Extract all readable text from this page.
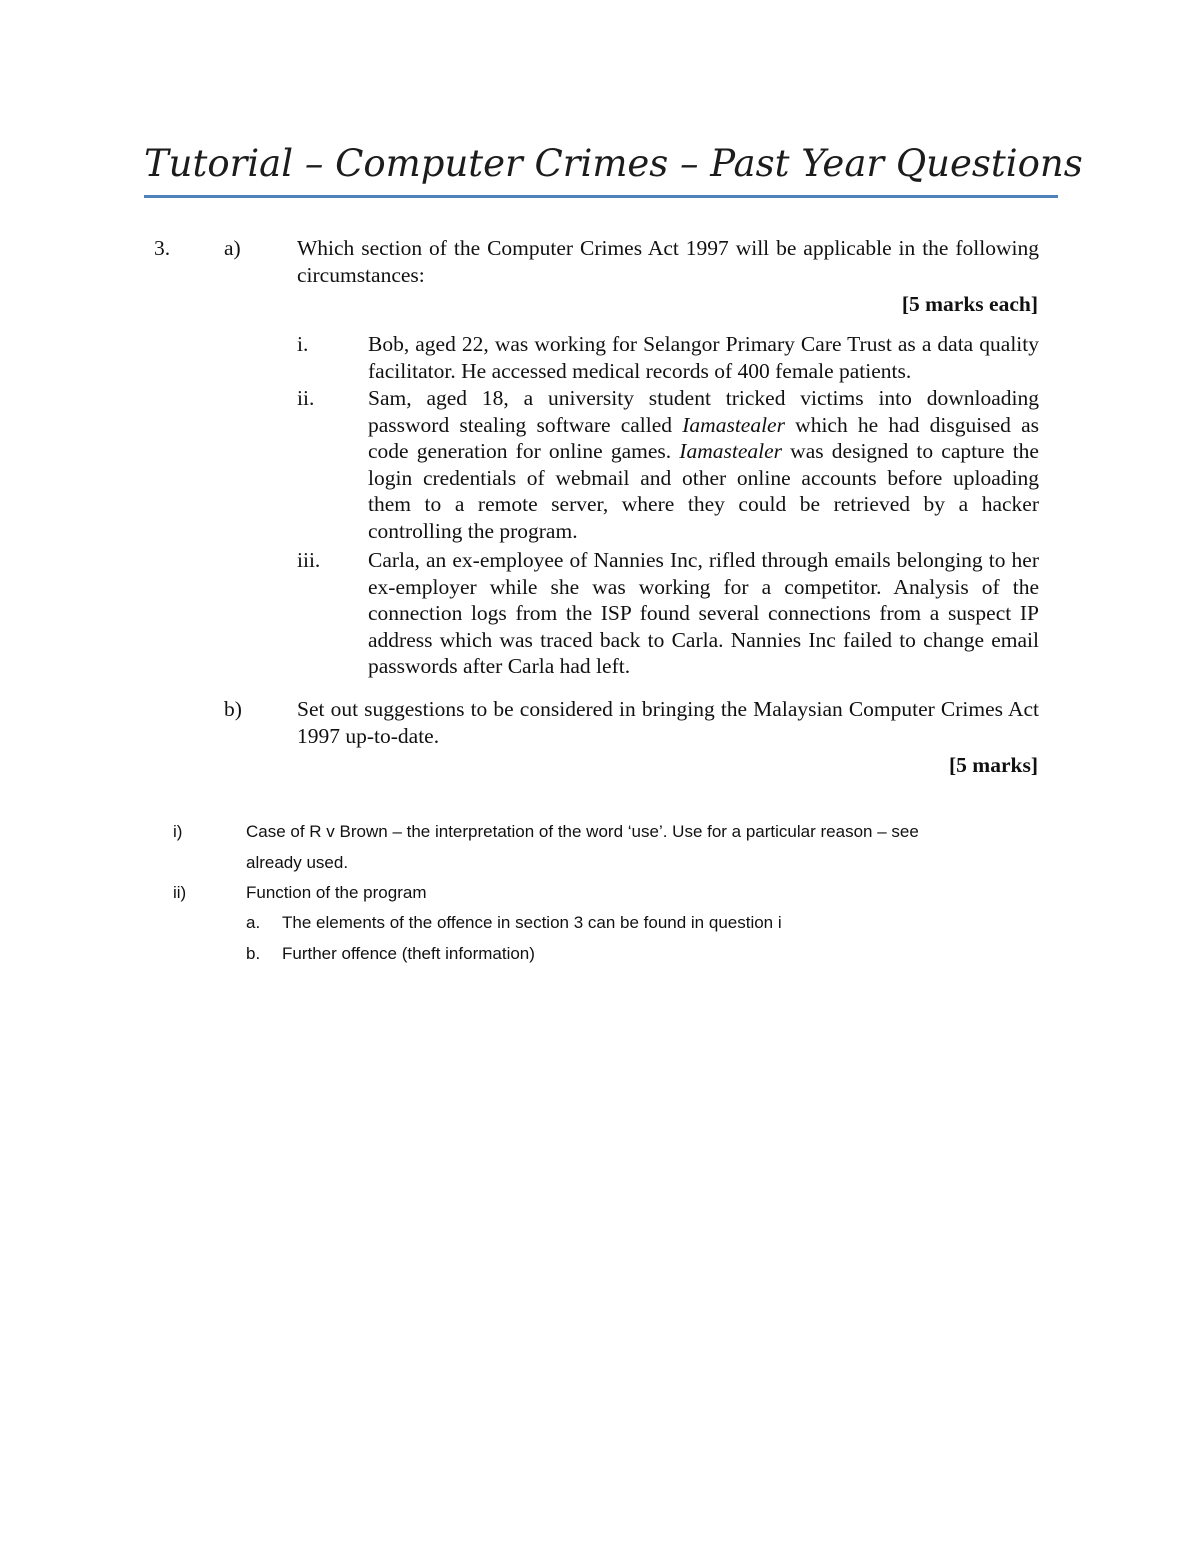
Tutorial – Computer Crimes – Past Year Questions
3.	a)	Which section of the Computer Crimes Act 1997 will be applicable in the following circumstances:
[5 marks each]
i.	Bob, aged 22, was working for Selangor Primary Care Trust as a data quality facilitator. He accessed medical records of 400 female patients.
ii. Sam, aged 18, a university student tricked victims into downloading password stealing software called Iamastealer which he had disguised as code generation for online games. Iamastealer was designed to capture the login credentials of webmail and other online accounts before uploading them to a remote server, where they could be retrieved by a hacker controlling the program.
iii. Carla, an ex-employee of Nannies Inc, rifled through emails belonging to her ex-employer while she was working for a competitor. Analysis of the connection logs from the ISP found several connections from a suspect IP address which was traced back to Carla. Nannies Inc failed to change email passwords after Carla had left.
b)	Set out suggestions to be considered in bringing the Malaysian Computer Crimes Act 1997 up-to-date.
[5 marks]
i)	Case of R v Brown – the interpretation of the word ‘use’. Use for a particular reason – see
already used.
ii)	Function of the program
a. The elements of the offence in section 3 can be found in question i
b. Further offence (theft information)
